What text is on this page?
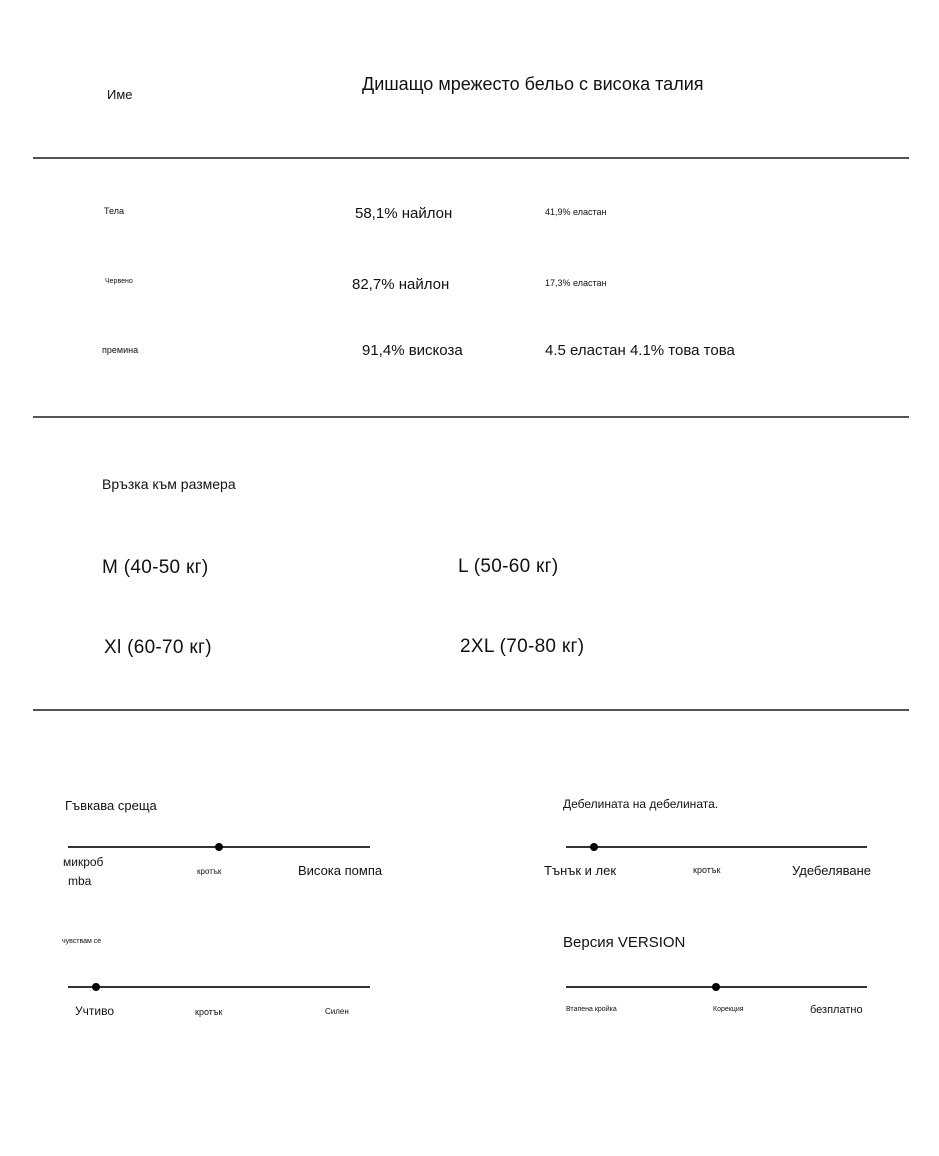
Име
Дишащо мрежесто бельо с висока талия
Тела	58,1% найлон	41,9% еластан
Червено	82,7% найлон	17,3% еластан
премина	91,4% вискоза	4.5 еластан 4.1% това това
Връзка към размера
M (40-50 кг)	L (50-60 кг)
Xl (60-70 кг)	2XL (70-80 кг)
Гъвкава среща
микроб
mba
кротък	Висока помпа
Дебелината на дебелината.
Тънък и лек	кротък	Удебеляване
чувствам се
Учтиво	кротък	Силен
Версия VERSION
Втапена кройка	Корекция	безплатно
